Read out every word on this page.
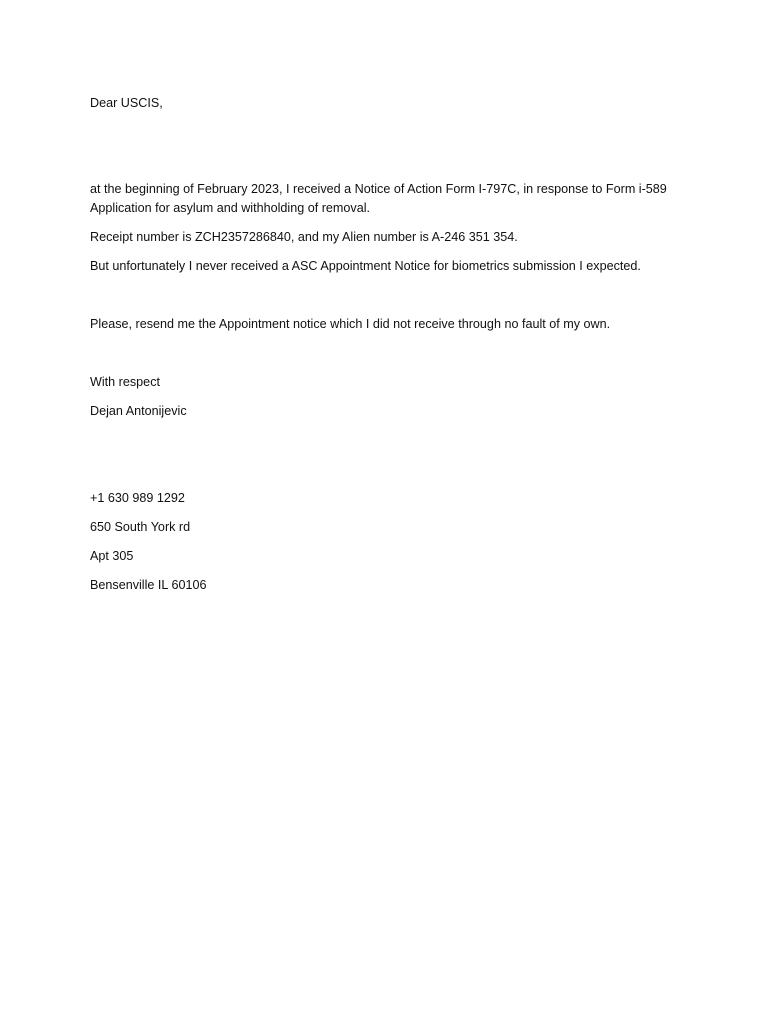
Dear USCIS,

at the beginning of February 2023, I received a Notice of Action Form I-797C, in response to Form i-589 Application for asylum and withholding of removal.

Receipt number is ZCH2357286840, and my Alien number is A-246 351 354.

But unfortunately I never received a ASC Appointment Notice for biometrics submission I expected.

Please, resend me the Appointment notice which I did not receive through no fault of my own.

With respect

Dejan Antonijevic

+1 630 989 1292

650 South York rd

Apt 305

Bensenville IL 60106
